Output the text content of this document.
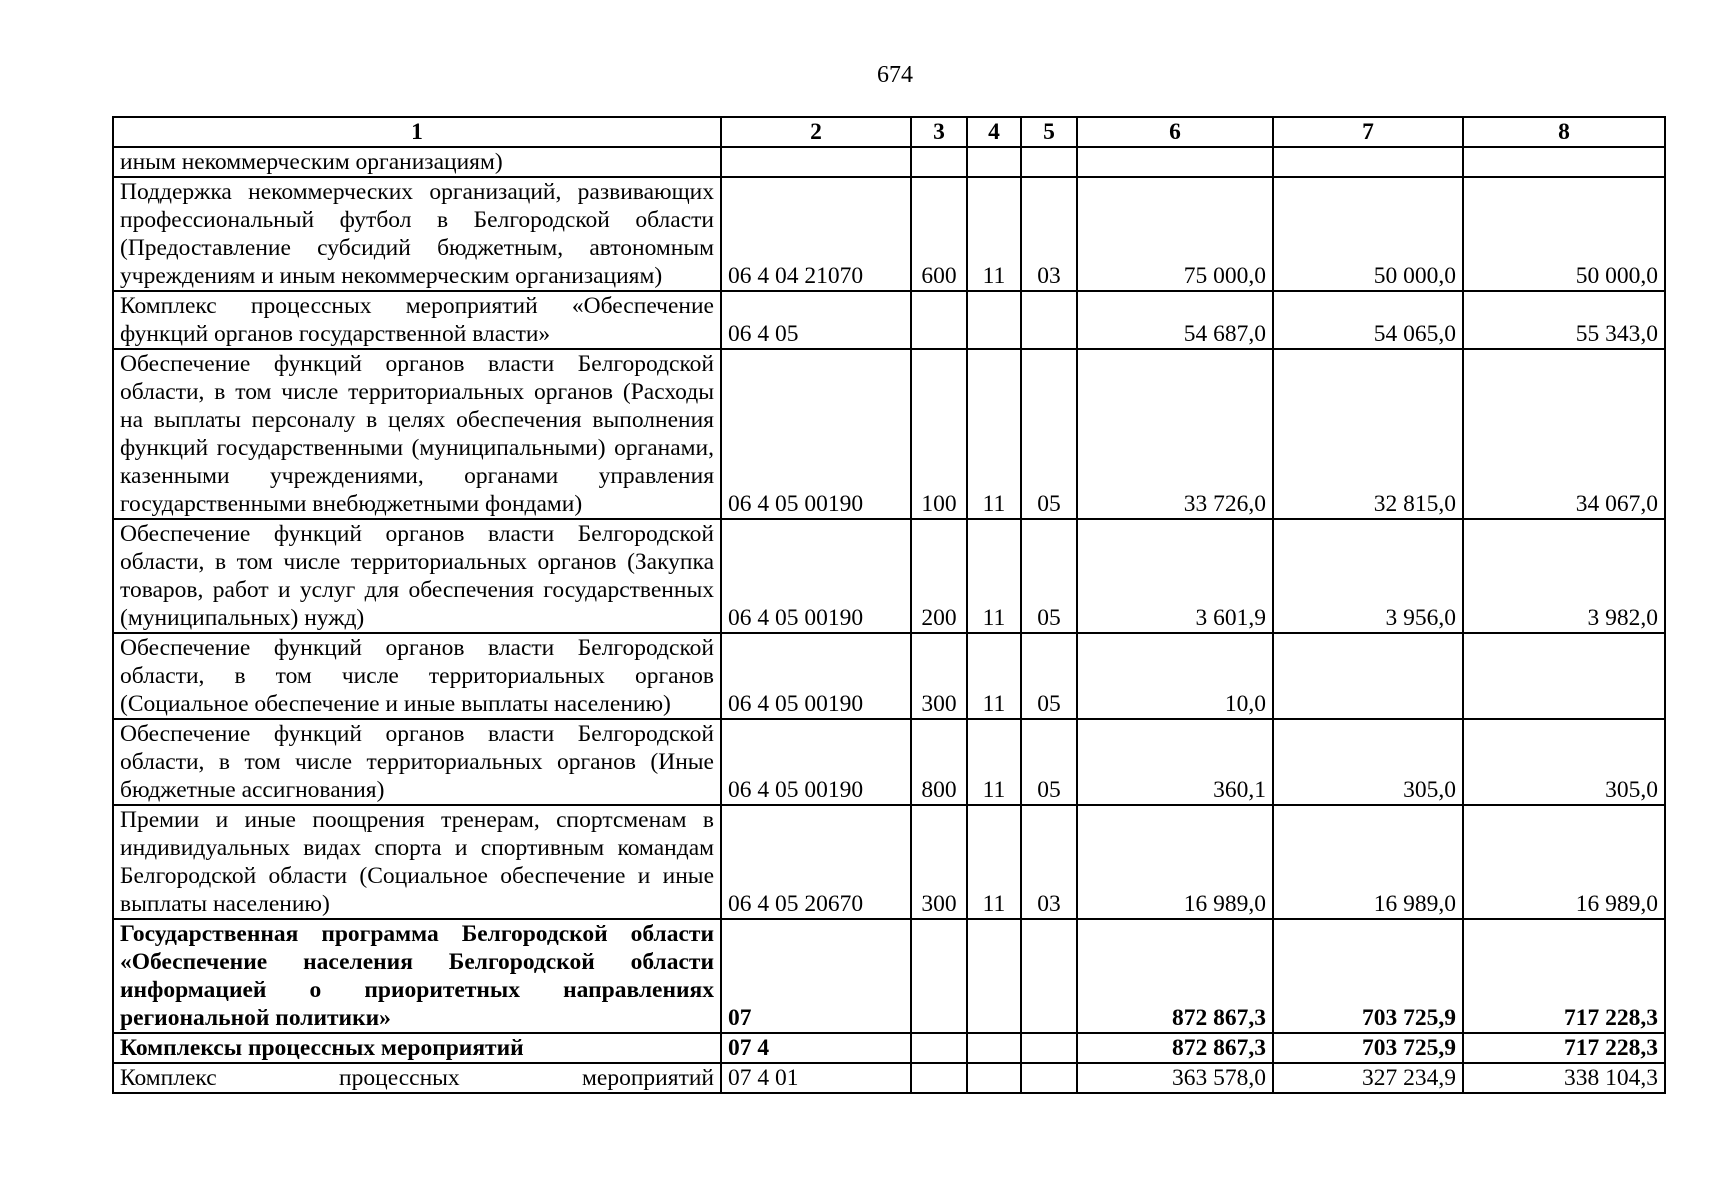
674
1	2	3	4	5	6	7	8
иным некоммерческим организациям)							
Поддержка некоммерческих организаций, развивающих профессиональный футбол в Белгородской области (Предоставление субсидий бюджетным, автономным учреждениям и иным некоммерческим организациям)	06 4 04 21070	600	11	03	75 000,0	50 000,0	50 000,0
Комплекс процессных мероприятий «Обеспечение функций органов государственной власти»	06 4 05				54 687,0	54 065,0	55 343,0
Обеспечение функций органов власти Белгородской области, в том числе территориальных органов (Расходы на выплаты персоналу в целях обеспечения выполнения функций государственными (муниципальными) органами, казенными учреждениями, органами управления государственными внебюджетными фондами)	06 4 05 00190	100	11	05	33 726,0	32 815,0	34 067,0
Обеспечение функций органов власти Белгородской области, в том числе территориальных органов (Закупка товаров, работ и услуг для обеспечения государственных (муниципальных) нужд)	06 4 05 00190	200	11	05	3 601,9	3 956,0	3 982,0
Обеспечение функций органов власти Белгородской области, в том числе территориальных органов (Социальное обеспечение и иные выплаты населению)	06 4 05 00190	300	11	05	10,0		
Обеспечение функций органов власти Белгородской области, в том числе территориальных органов (Иные бюджетные ассигнования)	06 4 05 00190	800	11	05	360,1	305,0	305,0
Премии и иные поощрения тренерам, спортсменам в индивидуальных видах спорта и спортивным командам Белгородской области (Социальное обеспечение и иные выплаты населению)	06 4 05 20670	300	11	03	16 989,0	16 989,0	16 989,0
Государственная программа Белгородской области «Обеспечение населения Белгородской области информацией о приоритетных направлениях региональной политики»	07				872 867,3	703 725,9	717 228,3
Комплексы процессных мероприятий	07 4				872 867,3	703 725,9	717 228,3
Комплекс процессных мероприятий	07 4 01				363 578,0	327 234,9	338 104,3
